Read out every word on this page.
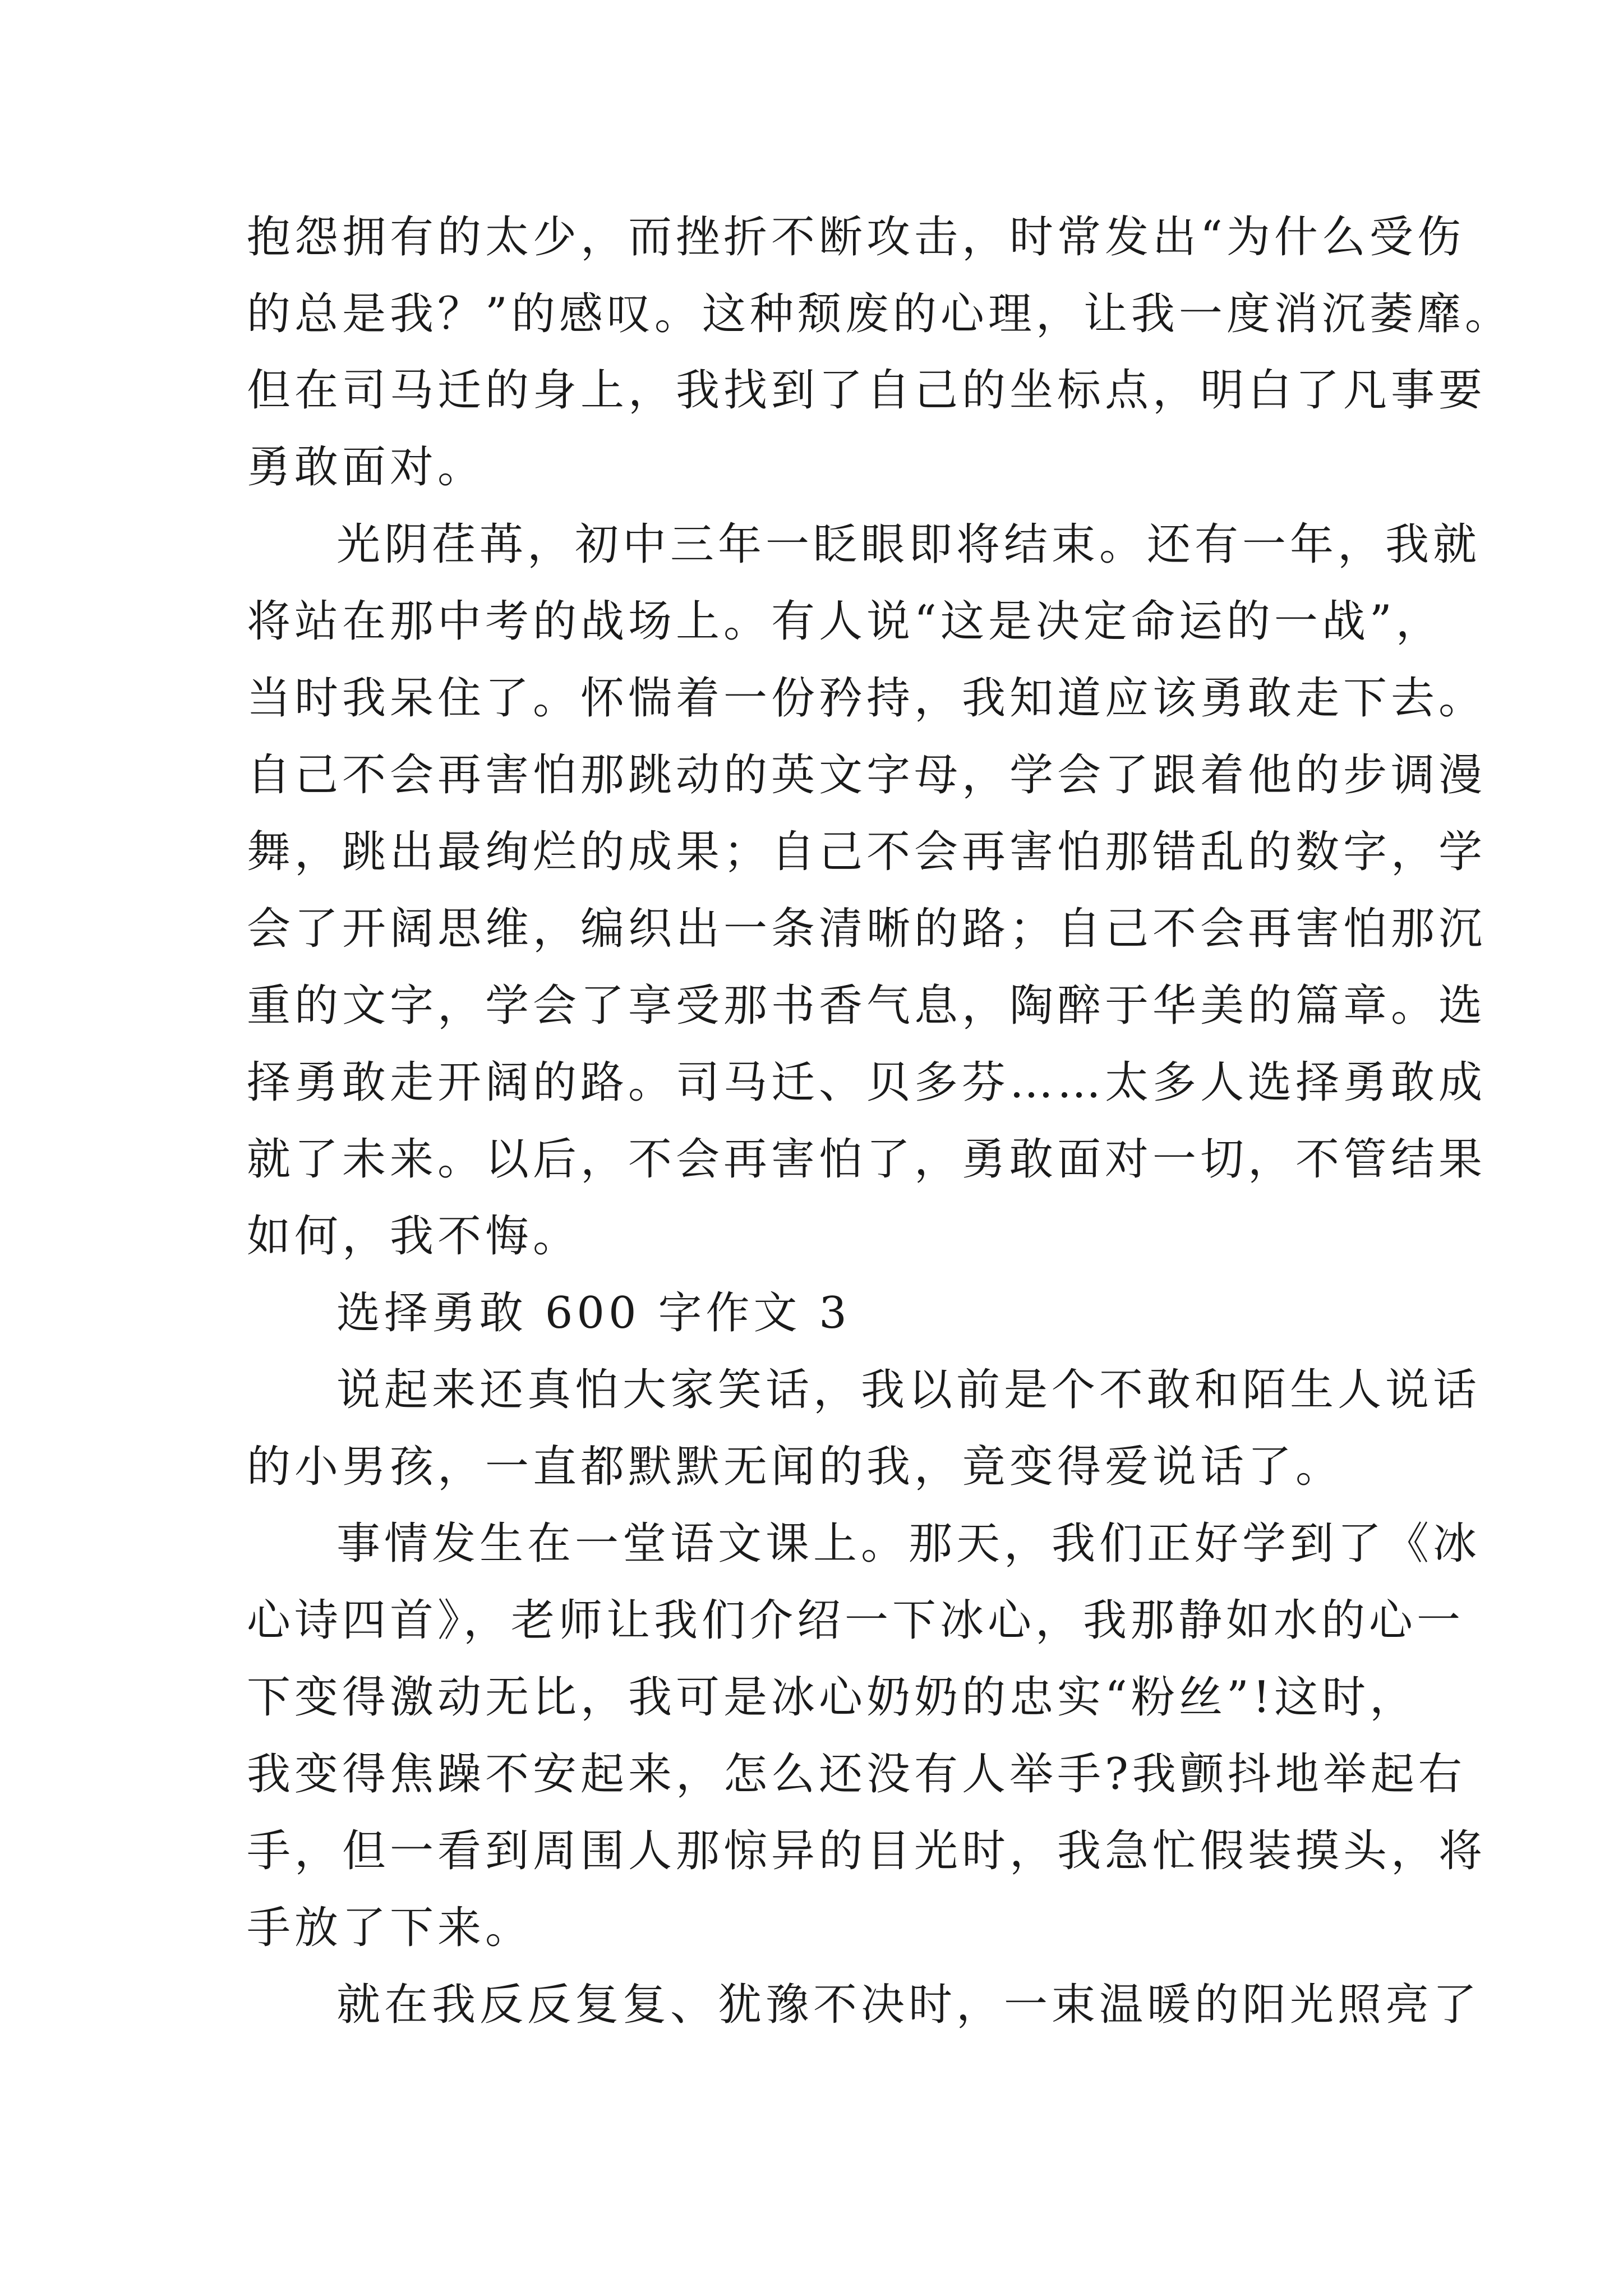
抱怨拥有的太少，而挫折不断攻击，时常发出“为什么受伤
的总是我？”的感叹。这种颓废的心理，让我一度消沉萎靡。
但在司马迁的身上，我找到了自己的坐标点，明白了凡事要
勇敢面对。
光阴荏苒，初中三年一眨眼即将结束。还有一年，我就
将站在那中考的战场上。有人说“这是决定命运的一战”，
当时我呆住了。怀惴着一份矜持，我知道应该勇敢走下去。
自己不会再害怕那跳动的英文字母，学会了跟着他的步调漫
舞，跳出最绚烂的成果；自己不会再害怕那错乱的数字，学
会了开阔思维，编织出一条清晰的路；自己不会再害怕那沉
重的文字，学会了享受那书香气息，陶醉于华美的篇章。选
择勇敢走开阔的路。司马迁、贝多芬……太多人选择勇敢成
就了未来。以后，不会再害怕了，勇敢面对一切，不管结果
如何，我不悔。
选择勇敢 600 字作文 3
说起来还真怕大家笑话，我以前是个不敢和陌生人说话
的小男孩，一直都默默无闻的我，竟变得爱说话了。
事情发生在一堂语文课上。那天，我们正好学到了《冰
心诗四首》，老师让我们介绍一下冰心，我那静如水的心一
下变得激动无比，我可是冰心奶奶的忠实“粉丝”!这时，
我变得焦躁不安起来，怎么还没有人举手?我颤抖地举起右
手，但一看到周围人那惊异的目光时，我急忙假装摸头，将
手放了下来。
就在我反反复复、犹豫不决时，一束温暖的阳光照亮了
